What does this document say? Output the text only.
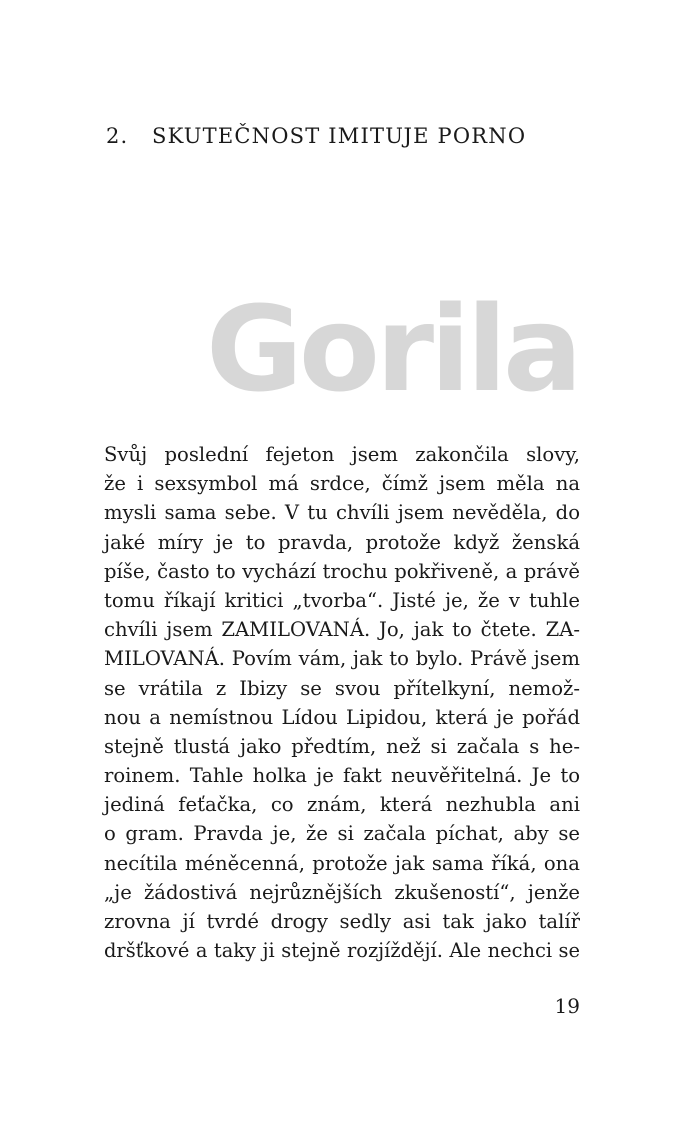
2. SKUTEČNOST IMITUJE PORNO
Gorila
Svůj poslední fejeton jsem zakončila slovy,
že i sexsymbol má srdce, čímž jsem měla na
mysli sama sebe. V tu chvíli jsem nevěděla, do
jaké míry je to pravda, protože když ženská
píše, často to vychází trochu pokřiveně, a právě
tomu říkají kritici „tvorba“. Jisté je, že v tuhle
chvíli jsem ZAMILOVANÁ. Jo, jak to čtete. ZA-
MILOVANÁ. Povím vám, jak to bylo. Právě jsem
se vrátila z Ibizy se svou přítelkyní, nemož-
nou a nemístnou Lídou Lipidou, která je pořád
stejně tlustá jako předtím, než si začala s he-
roinem. Tahle holka je fakt neuvěřitelná. Je to
jediná feťačka, co znám, která nezhubla ani
o gram. Pravda je, že si začala píchat, aby se
necítila méněcenná, protože jak sama říká, ona
„je žádostivá nejrůznějších zkušeností“, jenže
zrovna jí tvrdé drogy sedly asi tak jako talíř
dršťkové a taky ji stejně rozjíždějí. Ale nechci se
19
